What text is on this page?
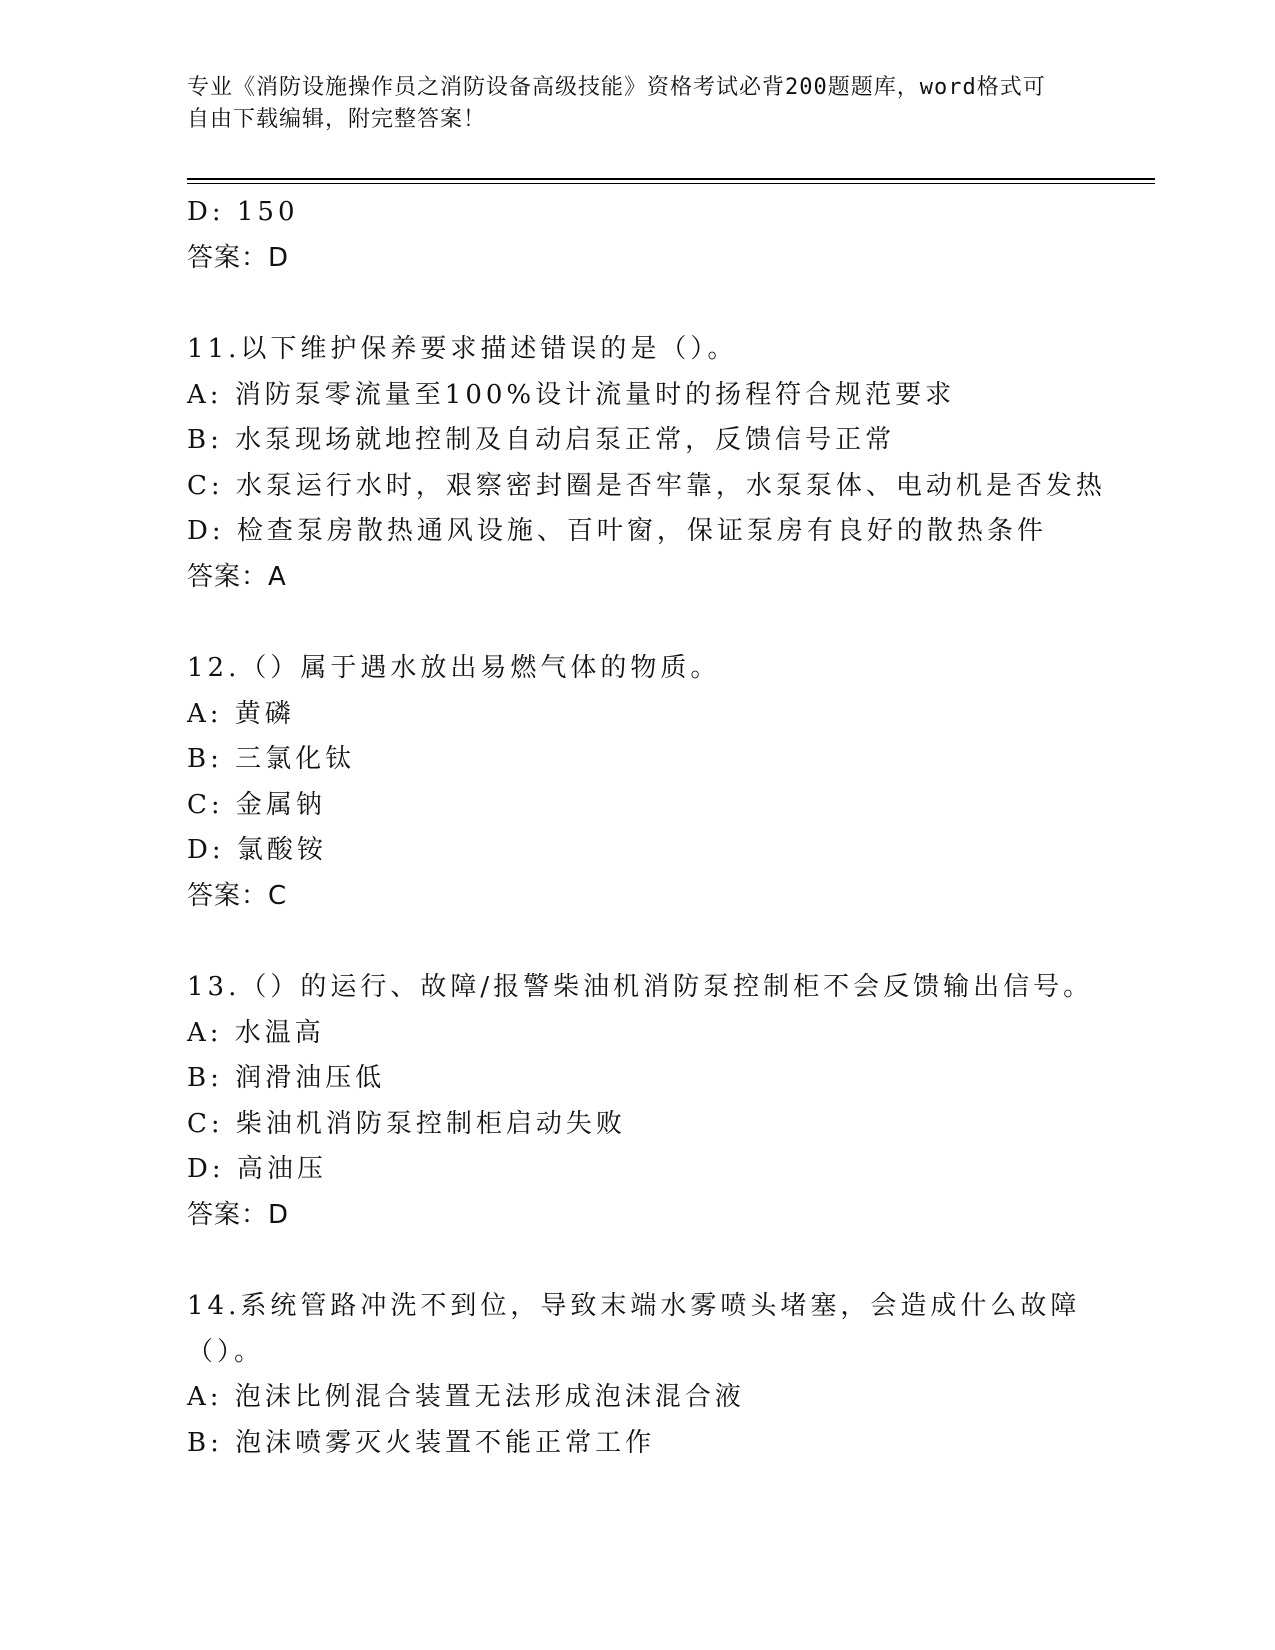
专业《消防设施操作员之消防设备高级技能》资格考试必背200题题库，word格式可自由下载编辑，附完整答案！
D: 150
答案：D
11.以下维护保养要求描述错误的是（）。
A: 消防泵零流量至100%设计流量时的扬程符合规范要求
B: 水泵现场就地控制及自动启泵正常，反馈信号正常
C: 水泵运行水时，艰察密封圈是否牢靠，水泵泵体、电动机是否发热
D: 检查泵房散热通风设施、百叶窗，保证泵房有良好的散热条件
答案：A
12.（）属于遇水放出易燃气体的物质。
A: 黄磷
B: 三氯化钛
C: 金属钠
D: 氯酸铵
答案：C
13.（）的运行、故障/报警柴油机消防泵控制柜不会反馈输出信号。
A: 水温高
B: 润滑油压低
C: 柴油机消防泵控制柜启动失败
D: 高油压
答案：D
14.系统管路冲洗不到位，导致末端水雾喷头堵塞，会造成什么故障（）。
A: 泡沫比例混合装置无法形成泡沫混合液
B: 泡沫喷雾灭火装置不能正常工作
